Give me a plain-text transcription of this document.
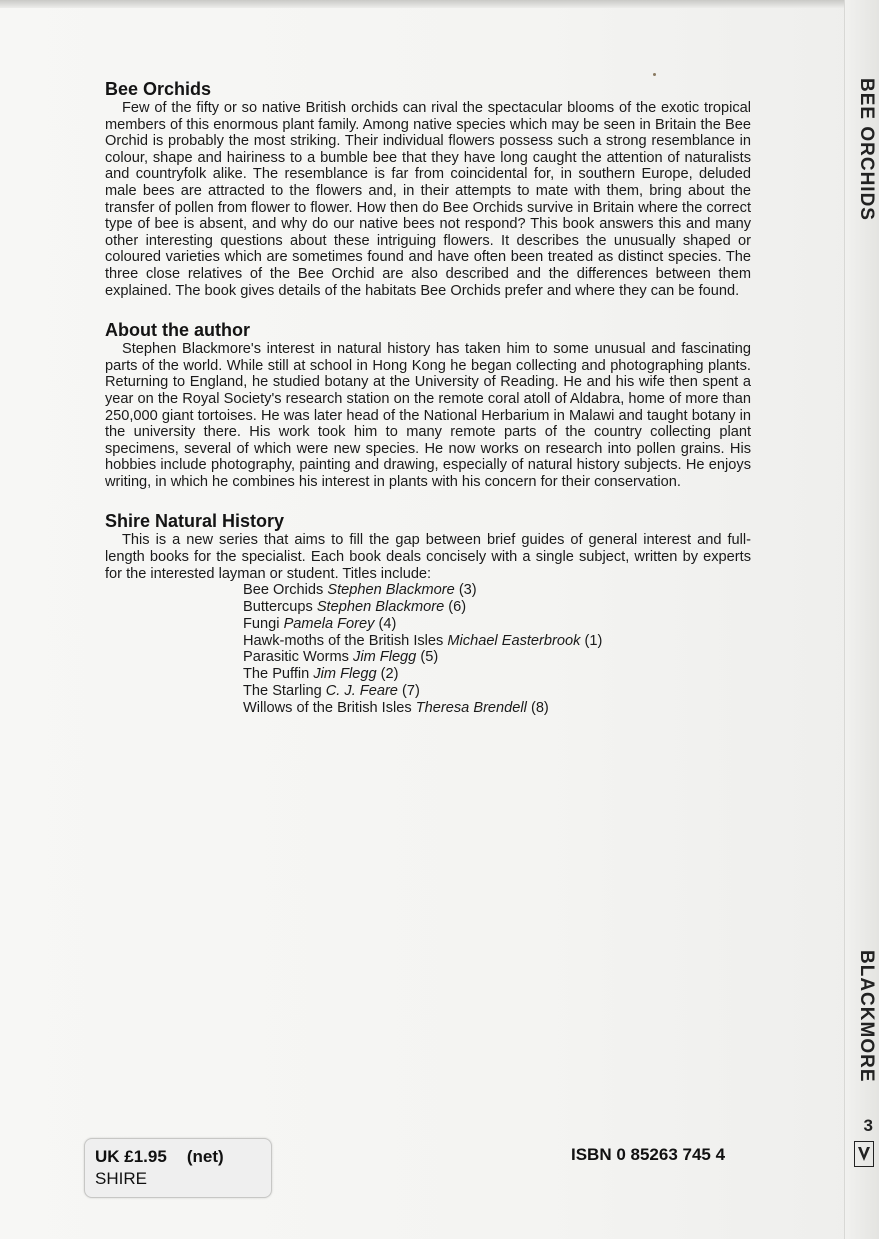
Bee Orchids

Few of the fifty or so native British orchids can rival the spectacular blooms of the exotic tropical members of this enormous plant family. Among native species which may be seen in Britain the Bee Orchid is probably the most striking. Their individual flowers possess such a strong resemblance in colour, shape and hairiness to a bumble bee that they have long caught the attention of naturalists and countryfolk alike. The resemblance is far from coincidental for, in southern Europe, deluded male bees are attracted to the flowers and, in their attempts to mate with them, bring about the transfer of pollen from flower to flower. How then do Bee Orchids survive in Britain where the correct type of bee is absent, and why do our native bees not respond? This book answers this and many other interesting questions about these intriguing flowers. It describes the unusually shaped or coloured varieties which are sometimes found and have often been treated as distinct species. The three close relatives of the Bee Orchid are also described and the differences between them explained. The book gives details of the habitats Bee Orchids prefer and where they can be found.

About the author

Stephen Blackmore's interest in natural history has taken him to some unusual and fascinating parts of the world. While still at school in Hong Kong he began collecting and photographing plants. Returning to England, he studied botany at the University of Reading. He and his wife then spent a year on the Royal Society's research station on the remote coral atoll of Aldabra, home of more than 250,000 giant tortoises. He was later head of the National Herbarium in Malawi and taught botany in the university there. His work took him to many remote parts of the country collecting plant specimens, several of which were new species. He now works on research into pollen grains. His hobbies include photography, painting and drawing, especially of natural history subjects. He enjoys writing, in which he combines his interest in plants with his concern for their conservation.

Shire Natural History

This is a new series that aims to fill the gap between brief guides of general interest and full-length books for the specialist. Each book deals concisely with a single subject, written by experts for the interested layman or student. Titles include:

Bee Orchids Stephen Blackmore (3)
Buttercups Stephen Blackmore (6)
Fungi Pamela Forey (4)
Hawk-moths of the British Isles Michael Easterbrook (1)
Parasitic Worms Jim Flegg (5)
The Puffin Jim Flegg (2)
The Starling C. J. Feare (7)
Willows of the British Isles Theresa Brendell (8)
BEE ORCHIDS
BLACKMORE
3
UK £1.95 (net)
SHIRE
ISBN 0 85263 745 4
